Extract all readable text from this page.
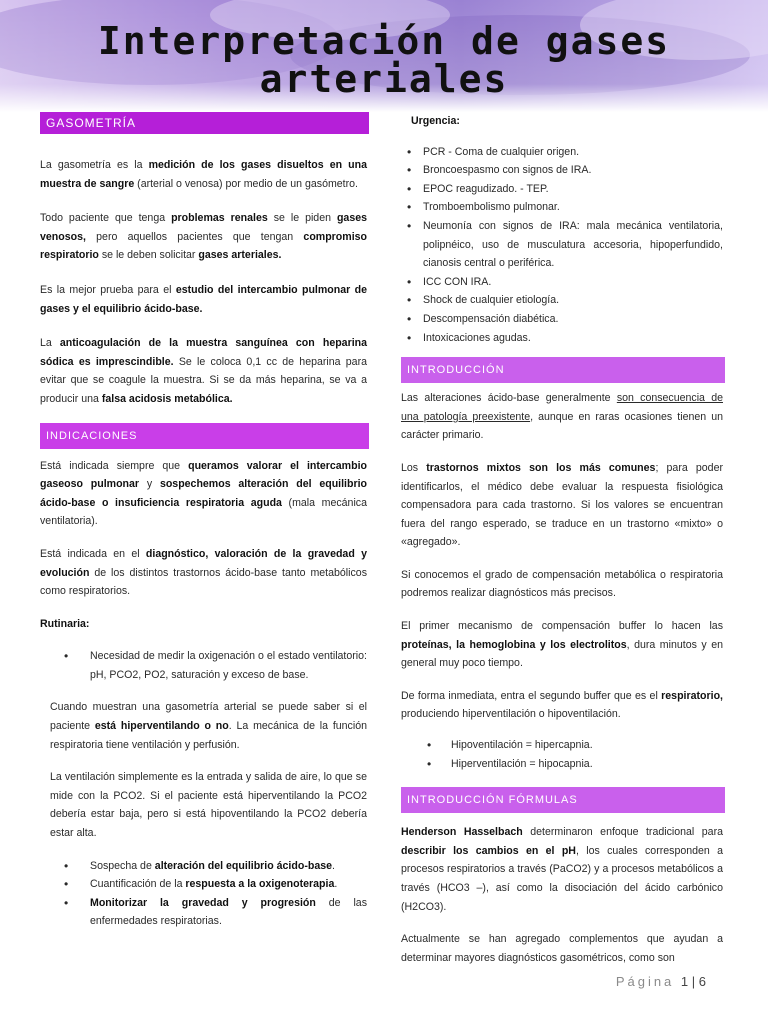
Interpretación de gases
arteriales
GASOMETRÍA

La gasometría es la medición de los gases disueltos en una muestra de sangre (arterial o venosa) por medio de un gasómetro.

Todo paciente que tenga problemas renales se le piden gases venosos, pero aquellos pacientes que tengan compromiso respiratorio se le deben solicitar gases arteriales.

Es la mejor prueba para el estudio del intercambio pulmonar de gases y el equilibrio ácido-base.

La anticoagulación de la muestra sanguínea con heparina sódica es imprescindible. Se le coloca 0,1 cc de heparina para evitar que se coagule la muestra. Si se da más heparina, se va a producir una falsa acidosis metabólica.

INDICACIONES

Está indicada siempre que queramos valorar el intercambio gaseoso pulmonar y sospechemos alteración del equilibrio ácido-base o insuficiencia respiratoria aguda (mala mecánica ventilatoria).

Está indicada en el diagnóstico, valoración de la gravedad y evolución de los distintos trastornos ácido-base tanto metabólicos como respiratorios.

Rutinaria:

• Necesidad de medir la oxigenación o el estado ventilatorio: pH, PCO2, PO2, saturación y exceso de base.

Cuando muestran una gasometría arterial se puede saber si el paciente está hiperventilando o no. La mecánica de la función respiratoria tiene ventilación y perfusión.

La ventilación simplemente es la entrada y salida de aire, lo que se mide con la PCO2. Si el paciente está hiperventilando la PCO2 debería estar baja, pero si está hipoventilando la PCO2 debería estar alta.

• Sospecha de alteración del equilibrio ácido-base.
• Cuantificación de la respuesta a la oxigenoterapia.
• Monitorizar la gravedad y progresión de las enfermedades respiratorias.

Urgencia:

• PCR - Coma de cualquier origen.
• Broncoespasmo con signos de IRA.
• EPOC reagudizado. - TEP.
• Tromboembolismo pulmonar.
• Neumonía con signos de IRA: mala mecánica ventilatoria, polipnéico, uso de musculatura accesoria, hipoperfundido, cianosis central o periférica.
• ICC CON IRA.
• Shock de cualquier etiología.
• Descompensación diabética.
• Intoxicaciones agudas.
INTRODUCCIÓN

Las alteraciones ácido-base generalmente son consecuencia de una patología preexistente, aunque en raras ocasiones tienen un carácter primario.

Los trastornos mixtos son los más comunes; para poder identificarlos, el médico debe evaluar la respuesta fisiológica compensadora para cada trastorno. Si los valores se encuentran fuera del rango esperado, se traduce en un trastorno «mixto» o «agregado».

Si conocemos el grado de compensación metabólica o respiratoria podremos realizar diagnósticos más precisos.

El primer mecanismo de compensación buffer lo hacen las proteínas, la hemoglobina y los electrolitos, dura minutos y en general muy poco tiempo.

De forma inmediata, entra el segundo buffer que es el respiratorio, produciendo hiperventilación o hipoventilación.

• Hipoventilación = hipercapnia.
• Hiperventilación = hipocapnia.
INTRODUCCIÓN FÓRMULAS

Henderson Hasselbach determinaron enfoque tradicional para describir los cambios en el pH, los cuales corresponden a procesos respiratorios a través (PaCO2) y a procesos metabólicos a través (HCO3 –), así como la disociación del ácido carbónico (H2CO3).

Actualmente se han agregado complementos que ayudan a determinar mayores diagnósticos gasométricos, como son

Página 1 | 6
